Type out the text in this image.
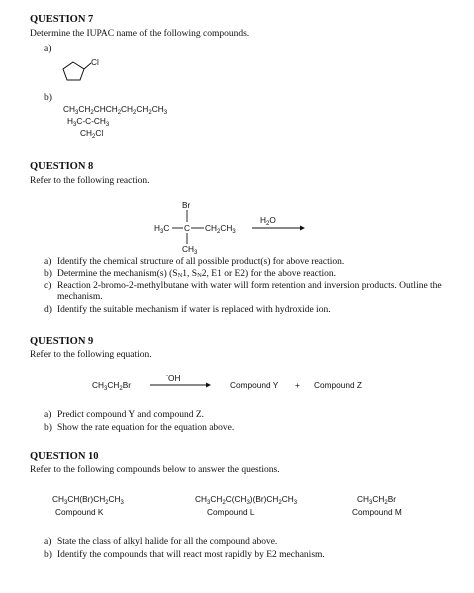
QUESTION 7
Determine the IUPAC name of the following compounds.
a)
Cl
b)
$CH_3CH_2CHCH_2CH_2CH_2CH_3$
$H_3C-C-CH_3$
$CH_2Cl$
QUESTION 8
Refer to the following reaction.
Br
$H_3C$ C $CH_2CH_3$
$CH_3$
$H_2O$
a) Identify the chemical structure of all possible product(s) for above reaction.
b) Determine the mechanism(s) ($S_N1$, $S_N2$, E1 or E2) for the above reaction.
c) Reaction 2-bromo-2-methylbutane with water will form retention and inversion products. Outline the mechanism.
d) Identify the suitable mechanism if water is replaced with hydroxide ion.
QUESTION 9
Refer to the following equation.
$CH_3CH_2Br$
-OH
Compound Y + Compound Z
a) Predict compound Y and compound Z.
b) Show the rate equation for the equation above.
QUESTION 10
Refer to the following compounds below to answer the questions.
$CH_3CH(Br)CH_2CH_3$
Compound K
$CH_3CH_2C(CH_3)(Br)CH_2CH_3$
Compound L
$CH_3CH_2Br$
Compound M
a) State the class of alkyl halide for all the compound above.
b) Identify the compounds that will react most rapidly by E2 mechanism.
